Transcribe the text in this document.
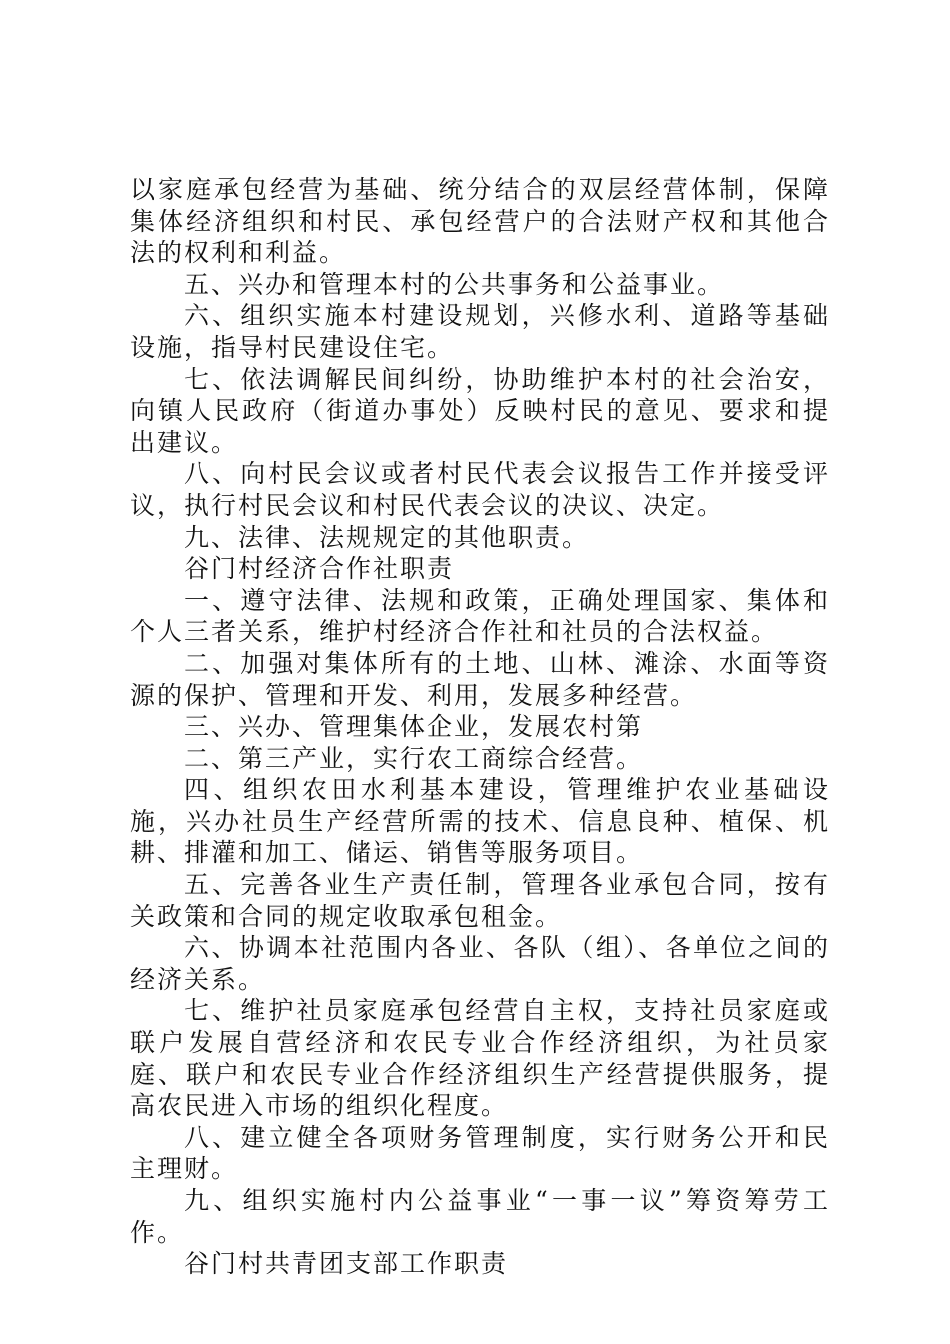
以家庭承包经营为基础、统分结合的双层经营体制，保障集体经济组织和村民、承包经营户的合法财产权和其他合法的权利和利益。

五、兴办和管理本村的公共事务和公益事业。

六、组织实施本村建设规划，兴修水利、道路等基础设施，指导村民建设住宅。

七、依法调解民间纠纷，协助维护本村的社会治安，向镇人民政府（街道办事处）反映村民的意见、要求和提出建议。

八、向村民会议或者村民代表会议报告工作并接受评议，执行村民会议和村民代表会议的决议、决定。

九、法律、法规规定的其他职责。

谷门村经济合作社职责

一、遵守法律、法规和政策，正确处理国家、集体和个人三者关系，维护村经济合作社和社员的合法权益。

二、加强对集体所有的土地、山林、滩涂、水面等资源的保护、管理和开发、利用，发展多种经营。

三、兴办、管理集体企业，发展农村第

二、第三产业，实行农工商综合经营。

四、组织农田水利基本建设，管理维护农业基础设施，兴办社员生产经营所需的技术、信息良种、植保、机耕、排灌和加工、储运、销售等服务项目。

五、完善各业生产责任制，管理各业承包合同，按有关政策和合同的规定收取承包租金。

六、协调本社范围内各业、各队（组）、各单位之间的经济关系。

七、维护社员家庭承包经营自主权，支持社员家庭或联户发展自营经济和农民专业合作经济组织，为社员家庭、联户和农民专业合作经济组织生产经营提供服务，提高农民进入市场的组织化程度。

八、建立健全各项财务管理制度，实行财务公开和民主理财。

九、组织实施村内公益事业“一事一议”筹资筹劳工作。

谷门村共青团支部工作职责
